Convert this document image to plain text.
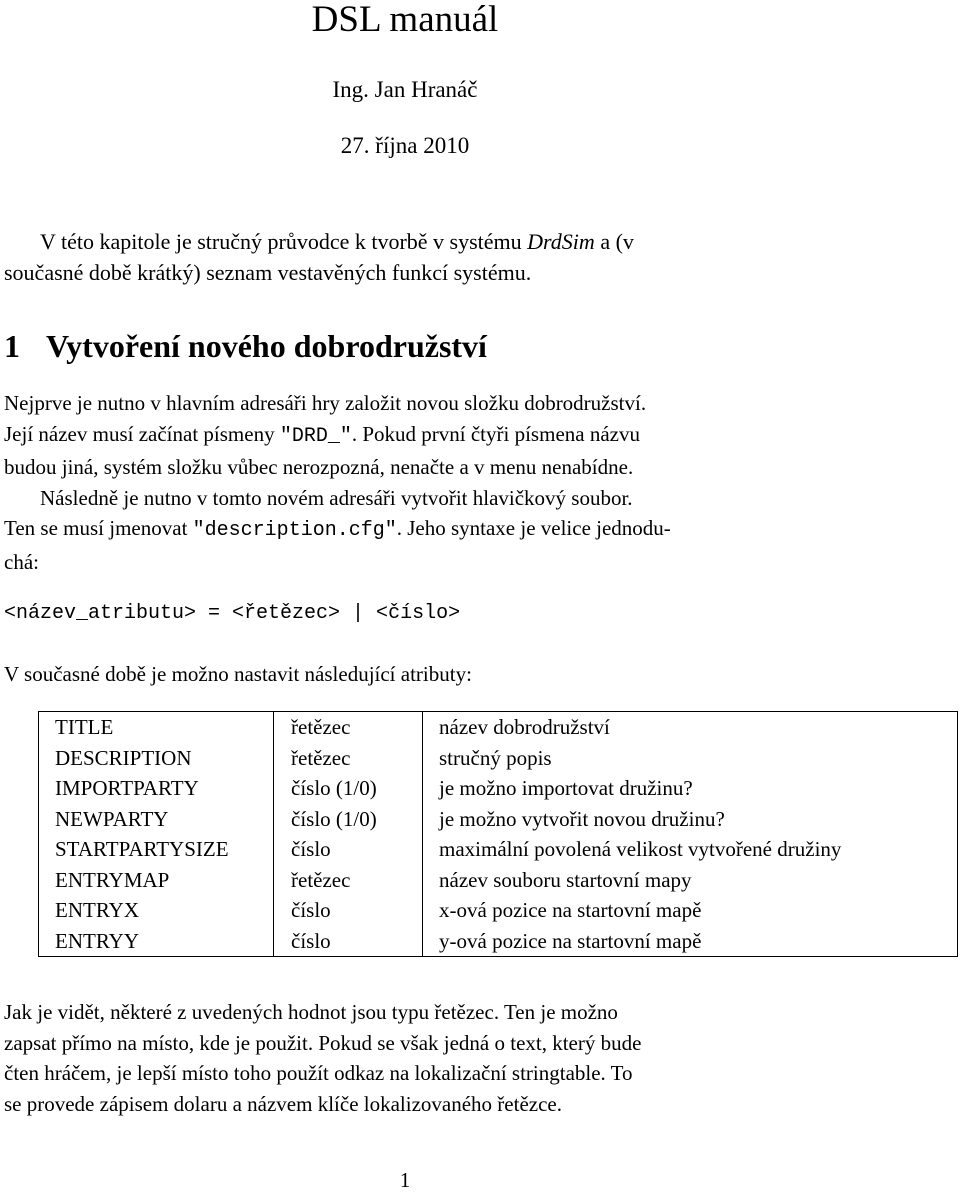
DSL manuál
Ing. Jan Hranáč
27. října 2010
V této kapitole je stručný průvodce k tvorbě v systému DrdSim a (v
současné době krátký) seznam vestavěných funkcí systému.
1 Vytvoření nového dobrodružství
Nejprve je nutno v hlavním adresáři hry založit novou složku dobrodružství.
Její název musí začínat písmeny "DRD_". Pokud první čtyři písmena názvu
budou jiná, systém složku vůbec nerozpozná, nenačte a v menu nenabídne.
Následně je nutno v tomto novém adresáři vytvořit hlavičkový soubor.
Ten se musí jmenovat "description.cfg". Jeho syntaxe je velice jednodu-
chá:
<název_atributu> = <řetězec> | <číslo>
V současné době je možno nastavit následující atributy:
TITLE	řetězec	název dobrodružství
DESCRIPTION	řetězec	stručný popis
IMPORTPARTY	číslo (1/0)	je možno importovat družinu?
NEWPARTY	číslo (1/0)	je možno vytvořit novou družinu?
STARTPARTYSIZE	číslo	maximální povolená velikost vytvořené družiny
ENTRYMAP	řetězec	název souboru startovní mapy
ENTRYX	číslo	x-ová pozice na startovní mapě
ENTRYY	číslo	y-ová pozice na startovní mapě
Jak je vidět, některé z uvedených hodnot jsou typu řetězec. Ten je možno
zapsat přímo na místo, kde je použit. Pokud se však jedná o text, který bude
čten hráčem, je lepší místo toho použít odkaz na lokalizační stringtable. To
se provede zápisem dolaru a názvem klíče lokalizovaného řetězce.
1
